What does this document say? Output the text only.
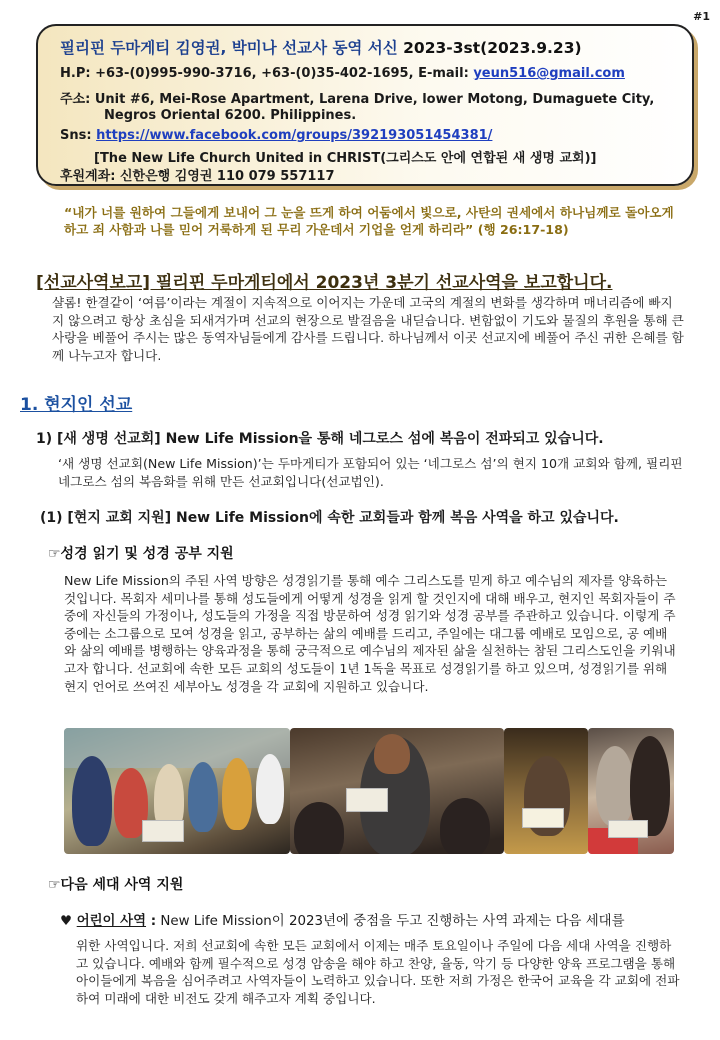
#1
필리핀 두마게티 김영권, 박미나 선교사 동역 서신 2023-3st(2023.9.23)
H.P: +63-(0)995-990-3716, +63-(0)35-402-1695, E-mail: yeun516@gmail.com
주소: Unit #6, Mei-Rose Apartment, Larena Drive, lower Motong, Dumaguete City,
Negros Oriental 6200. Philippines.
Sns: https://www.facebook.com/groups/392193051454381/
[The New Life Church United in CHRIST(그리스도 안에 연합된 새 생명 교회)]
후원계좌: 신한은행 김영권 110 079 557117
“내가 너를 원하여 그들에게 보내어 그 눈을 뜨게 하여 어둠에서 빛으로, 사탄의 권세에서 하나님께로 돌아오게 하고 죄 사함과 나를 믿어 거룩하게 된 무리 가운데서 기업을 얻게 하리라” (행 26:17-18)
[선교사역보고] 필리핀 두마게티에서 2023년 3분기 선교사역을 보고합니다.
샬롬! 한결같이 ‘여름’이라는 계절이 지속적으로 이어지는 가운데 고국의 계절의 변화를 생각하며 매너리즘에 빠지지 않으려고 항상 초심을 되새겨가며 선교의 현장으로 발걸음을 내딛습니다. 변함없이 기도와 물질의 후원을 통해 큰 사랑을 베풀어 주시는 많은 동역자님들에게 감사를 드립니다. 하나님께서 이곳 선교지에 베풀어 주신 귀한 은혜를 함께 나누고자 합니다.
1. 현지인 선교
1) [새 생명 선교회] New Life Mission을 통해 네그로스 섬에 복음이 전파되고 있습니다.
‘새 생명 선교회(New Life Mission)’는 두마게티가 포함되어 있는 ‘네그로스 섬’의 현지 10개 교회와 함께, 필리핀 네그로스 섬의 복음화를 위해 만든 선교회입니다(선교법인).
(1) [현지 교회 지원] New Life Mission에 속한 교회들과 함께 복음 사역을 하고 있습니다.
☞성경 읽기 및 성경 공부 지원
New Life Mission의 주된 사역 방향은 성경읽기를 통해 예수 그리스도를 믿게 하고 예수님의 제자를 양육하는 것입니다. 목회자 세미나를 통해 성도들에게 어떻게 성경을 읽게 할 것인지에 대해 배우고, 현지인 목회자들이 주중에 자신들의 가정이나, 성도들의 가정을 직접 방문하여 성경 읽기와 성경 공부를 주관하고 있습니다. 이렇게 주중에는 소그룹으로 모여 성경을 읽고, 공부하는 삶의 예배를 드리고, 주일에는 대그룹 예배로 모임으로, 공 예배와 삶의 예배를 병행하는 양육과정을 통해 궁극적으로 예수님의 제자된 삶을 실천하는 참된 그리스도인을 키워내고자 합니다. 선교회에 속한 모든 교회의 성도들이 1년 1독을 목표로 성경읽기를 하고 있으며, 성경읽기를 위해 현지 언어로 쓰여진 세부아노 성경을 각 교회에 지원하고 있습니다.
☞다음 세대 사역 지원
♥ 어린이 사역 : New Life Mission이 2023년에 중점을 두고 진행하는 사역 과제는 다음 세대를
위한 사역입니다. 저희 선교회에 속한 모든 교회에서 이제는 매주 토요일이나 주일에 다음 세대 사역을 진행하고 있습니다. 예배와 함께 필수적으로 성경 암송을 해야 하고 찬양, 율동, 악기 등 다양한 양육 프로그램을 통해 아이들에게 복음을 심어주려고 사역자들이 노력하고 있습니다. 또한 저희 가정은 한국어 교육을 각 교회에 전파하여 미래에 대한 비전도 갖게 해주고자 계획 중입니다.
